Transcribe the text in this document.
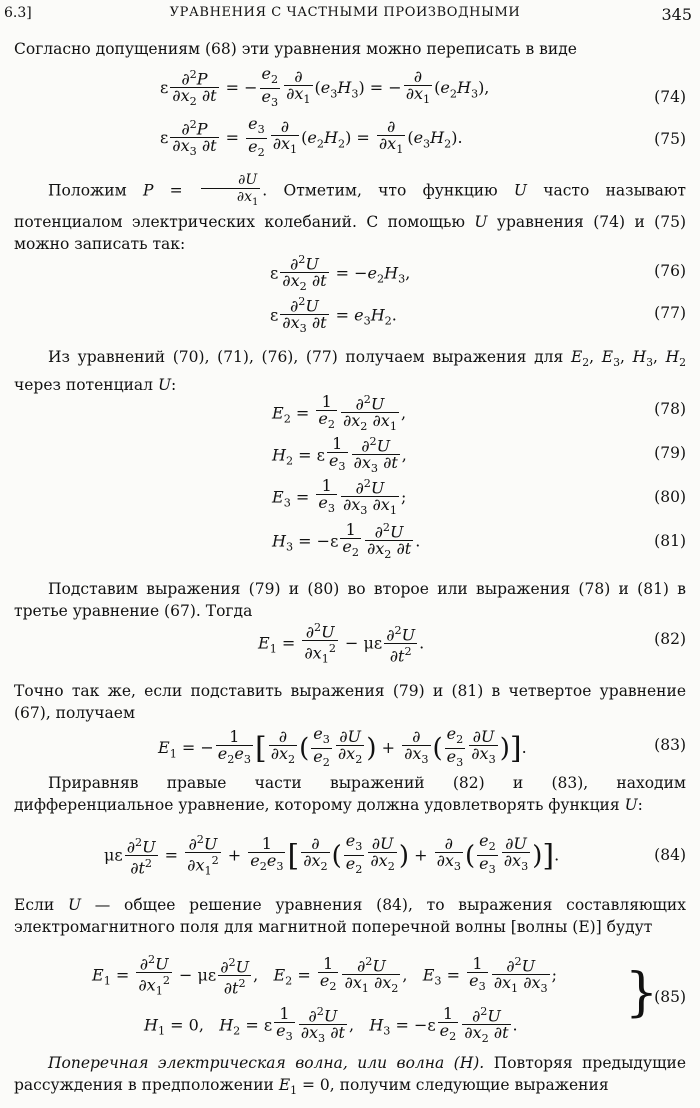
6.3]	УРАВНЕНИЯ С ЧАСТНЫМИ ПРОИЗВОДНЫМИ	345
Согласно допущениям (68) эти уравнения можно переписать в виде
ε $\frac{\partial^2P}{\partial x_2 \partial t}$ = − $\frac{e_2}{e_3}$ ∂
$\partial x_1$
$(e_3H_3)$ = −
∂
$\partial x_1$
$(e_2H_3)$,	(74)
ε $\frac{\partial^2P}{\partial x_3 \partial t} = \frac{e_3}{e_2}$ ∂
$\partial x_1$
$(e_2H_2)$ =
∂
$\partial x_1$
$(e_3H_2)$.	(75)
Положим $P = \frac{\partial U}{\partial x_1}$ . Отметим, что функцию U часто называют потенциалом электрических колебаний. С помощью U уравнения (74) и (75) можно записать так:
ε $\frac{\partial^2U}{\partial x_2 \partial t} = -e_2H_3$,	(76)
ε $\frac{\partial^2U}{\partial x_3 \partial t} = e_3H_2$.	(77)
Из уравнений (70), (71), (76), (77) получаем выражения для $E_2$, $E_3$, $H_3$, $H_2$ через потенциал U:
$E_2 = \frac{1}{e_2} \frac{\partial^2U}{\partial x_2 \partial x_1}$ ,	(78)
$H_2 = \varepsilon \frac{1}{e_3} \frac{\partial^2U}{\partial x_3 \partial t}$ ,	(79)
$E_3 = \frac{1}{e_3} \frac{\partial^2U}{\partial x_3 \partial x_1}$ ;	(80)
$H_3 = -\varepsilon \frac{1}{e_2} \frac{\partial^2U}{\partial x_2 \partial t}$ .	(81)
Подставим выражения (79) и (80) во второе или выражения (78) и (81) в третье уравнение (67). Тогда
$E_1 = \frac{\partial^2U}{\partial x_1^2} - \mu\varepsilon \frac{\partial^2U}{\partial t^2}$ .	(82)
Точно так же, если подставить выражения (79) и (81) в четвертое уравнение (67), получаем
$E_1$ = − $\frac{1}{e_2e_3}$ [ ∂
$\partial x_2$ ( $\frac{e_3}{e_2} \frac{\partial U}{\partial x_2}$ ) +
∂
$\partial x_3$ ( $\frac{e_2}{e_3} \frac{\partial U}{\partial x_3}$ )].	(83)
Приравняв правые части выражений (82) и (83), находим дифференциальное уравнение, которому должна удовлетворять функция U:
με $\frac{\partial^2U}{\partial t^2} = \frac{\partial^2U}{\partial x_1^2} + \frac{1}{e_2e_3}$ [ ∂
$\partial x_2$ ( $\frac{e_3}{e_2} \frac{\partial U}{\partial x_2}$ ) +
∂
$\partial x_3$ ( $\frac{e_2}{e_3} \frac{\partial U}{\partial x_3}$ )].	(84)
Если U — общее решение уравнения (84), то выражения составляющих электромагнитного поля для магнитной поперечной волны [волны (E)] будут
$E_1 = \frac{\partial^2U}{\partial x_1^2} - \mu\varepsilon \frac{\partial^2U}{\partial t^2}$ ,   $E_2 = \frac{1}{e_2} \frac{\partial^2U}{\partial x_1 \partial x_2}$ ,   $E_3 = \frac{1}{e_3} \frac{\partial^2U}{\partial x_1 \partial x_3}$ ;
$H_1 = 0$,   $H_2 = \varepsilon \frac{1}{e_3} \frac{\partial^2U}{\partial x_3 \partial t}$ ,   $H_3 = -\varepsilon \frac{1}{e_2} \frac{\partial^2U}{\partial x_2 \partial t}$ .
}
(85)
Поперечная электрическая волна, или волна (H). Повторяя предыдущие рассуждения в предположении $E_1 = 0$, получим следующие выражения
